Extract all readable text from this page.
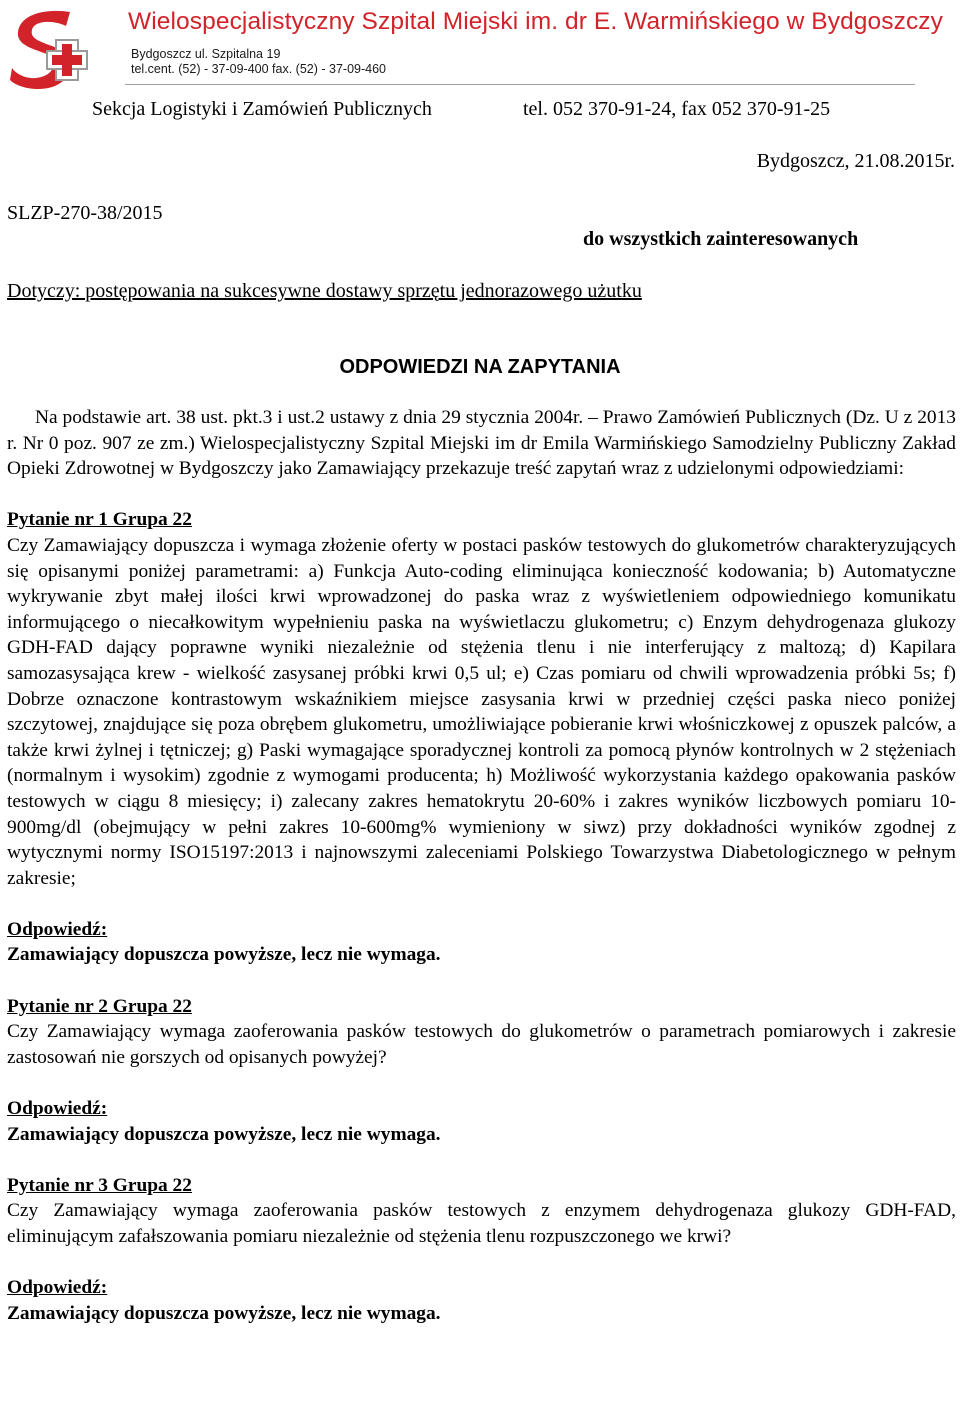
Wielospecjalistyczny Szpital Miejski im. dr E. Warmińskiego w Bydgoszczy
Bydgoszcz ul. Szpitalna 19
tel.cent. (52) - 37-09-400 fax. (52) - 37-09-460
Sekcja Logistyki i Zamówień Publicznych	tel. 052 370-91-24, fax 052 370-91-25
Bydgoszcz, 21.08.2015r.
SLZP-270-38/2015
do wszystkich zainteresowanych
Dotyczy: postępowania na sukcesywne dostawy sprzętu jednorazowego użutku
ODPOWIEDZI NA ZAPYTANIA

Na podstawie art. 38 ust. pkt.3 i ust.2 ustawy z dnia 29 stycznia 2004r. – Prawo Zamówień Publicznych (Dz. U z 2013 r. Nr 0 poz. 907 ze zm.) Wielospecjalistyczny Szpital Miejski im dr Emila Warmińskiego Samodzielny Publiczny Zakład Opieki Zdrowotnej w Bydgoszczy jako Zamawiający przekazuje treść zapytań wraz z udzielonymi odpowiedziami:

Pytanie nr 1 Grupa 22

Czy Zamawiający dopuszcza i wymaga złożenie oferty w postaci pasków testowych do glukometrów charakteryzujących się opisanymi poniżej parametrami: a) Funkcja Auto-coding eliminująca konieczność kodowania; b) Automatyczne wykrywanie zbyt małej ilości krwi wprowadzonej do paska wraz z wyświetleniem odpowiedniego komunikatu informującego o niecałkowitym wypełnieniu paska na wyświetlaczu glukometru; c) Enzym dehydrogenaza glukozy GDH-FAD dający poprawne wyniki niezależnie od stężenia tlenu i nie interferujący z maltozą; d) Kapilara samozasysająca krew - wielkość zasysanej próbki krwi 0,5 ul; e) Czas pomiaru od chwili wprowadzenia próbki 5s; f) Dobrze oznaczone kontrastowym wskaźnikiem miejsce zasysania krwi w przedniej części paska nieco poniżej szczytowej, znajdujące się poza obrębem glukometru, umożliwiające pobieranie krwi włośniczkowej z opuszek palców, a także krwi żylnej i tętniczej; g) Paski wymagające sporadycznej kontroli za pomocą płynów kontrolnych w 2 stężeniach (normalnym i wysokim) zgodnie z wymogami producenta; h) Możliwość wykorzystania każdego opakowania pasków testowych w ciągu 8 miesięcy; i) zalecany zakres hematokrytu 20-60% i zakres wyników liczbowych pomiaru 10-900mg/dl (obejmujący w pełni zakres 10-600mg% wymieniony w siwz) przy dokładności wyników zgodnej z wytycznymi normy ISO15197:2013 i najnowszymi zaleceniami Polskiego Towarzystwa Diabetologicznego w pełnym zakresie;

Odpowiedź:

Zamawiający dopuszcza powyższe, lecz nie wymaga.

Pytanie nr 2 Grupa 22

Czy Zamawiający wymaga zaoferowania pasków testowych do glukometrów o parametrach pomiarowych i zakresie zastosowań nie gorszych od opisanych powyżej?

Odpowiedź:

Zamawiający dopuszcza powyższe, lecz nie wymaga.

Pytanie nr 3 Grupa 22

Czy Zamawiający wymaga zaoferowania pasków testowych z enzymem dehydrogenaza glukozy GDH-FAD, eliminującym zafałszowania pomiaru niezależnie od stężenia tlenu rozpuszczonego we krwi?

Odpowiedź:

Zamawiający dopuszcza powyższe, lecz nie wymaga.
